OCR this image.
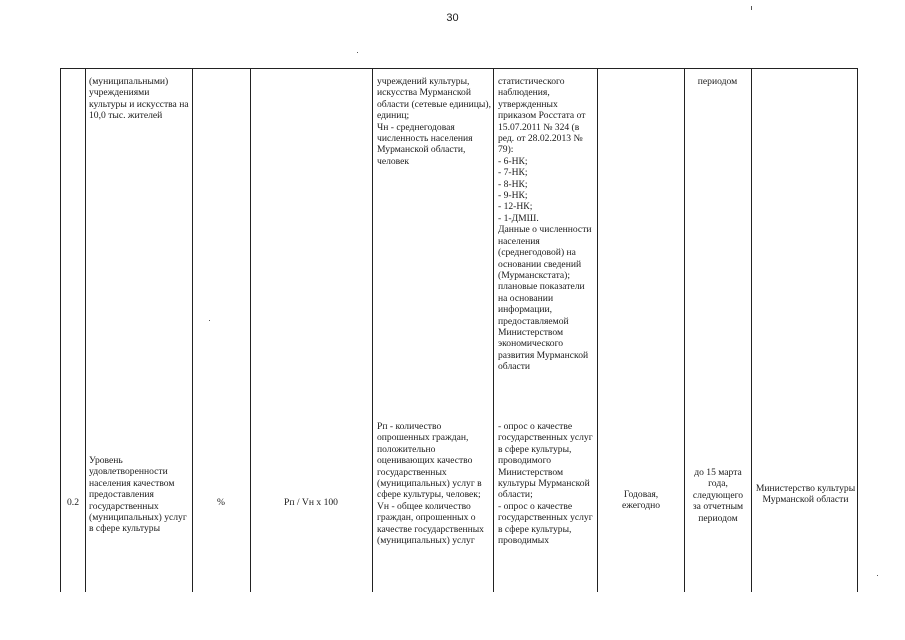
30
(муниципальными) учреждениями культуры и искусства на 10,0 тыс. жителей
учреждений культуры, искусства Мурманской области (сетевые единицы), единиц;
Чн - среднегодовая численность населения Мурманской области, человек
статистического наблюдения, утвержденных приказом Росстата от 15.07.2011 № 324 (в ред. от 28.02.2013 № 79):
- 6-НК;
- 7-НК;
- 8-НК;
- 9-НК;
- 12-НК;
- 1-ДМШ.
Данные о численности населения (среднегодовой) на основании сведений (Мурманскстата);
плановые показатели на основании информации, предоставляемой Министерством экономического развития Мурманской области
периодом
0.2
Уровень удовлетворенности населения качеством предоставления государственных (муниципальных) услуг в сфере культуры
%	Рп / Vн х 100
Рп - количество опрошенных граждан, положительно оценивающих качество государственных (муниципальных) услуг в сфере культуры, человек;
Vн - общее количество граждан, опрошенных о качестве государственных (муниципальных) услуг
- опрос о качестве государственных услуг в сфере культуры, проводимого Министерством культуры Мурманской области;
- опрос о качестве государственных услуг в сфере культуры, проводимых
Годовая, ежегодно
до 15 марта года, следующего за отчетным периодом
Министерство культуры Мурманской области
